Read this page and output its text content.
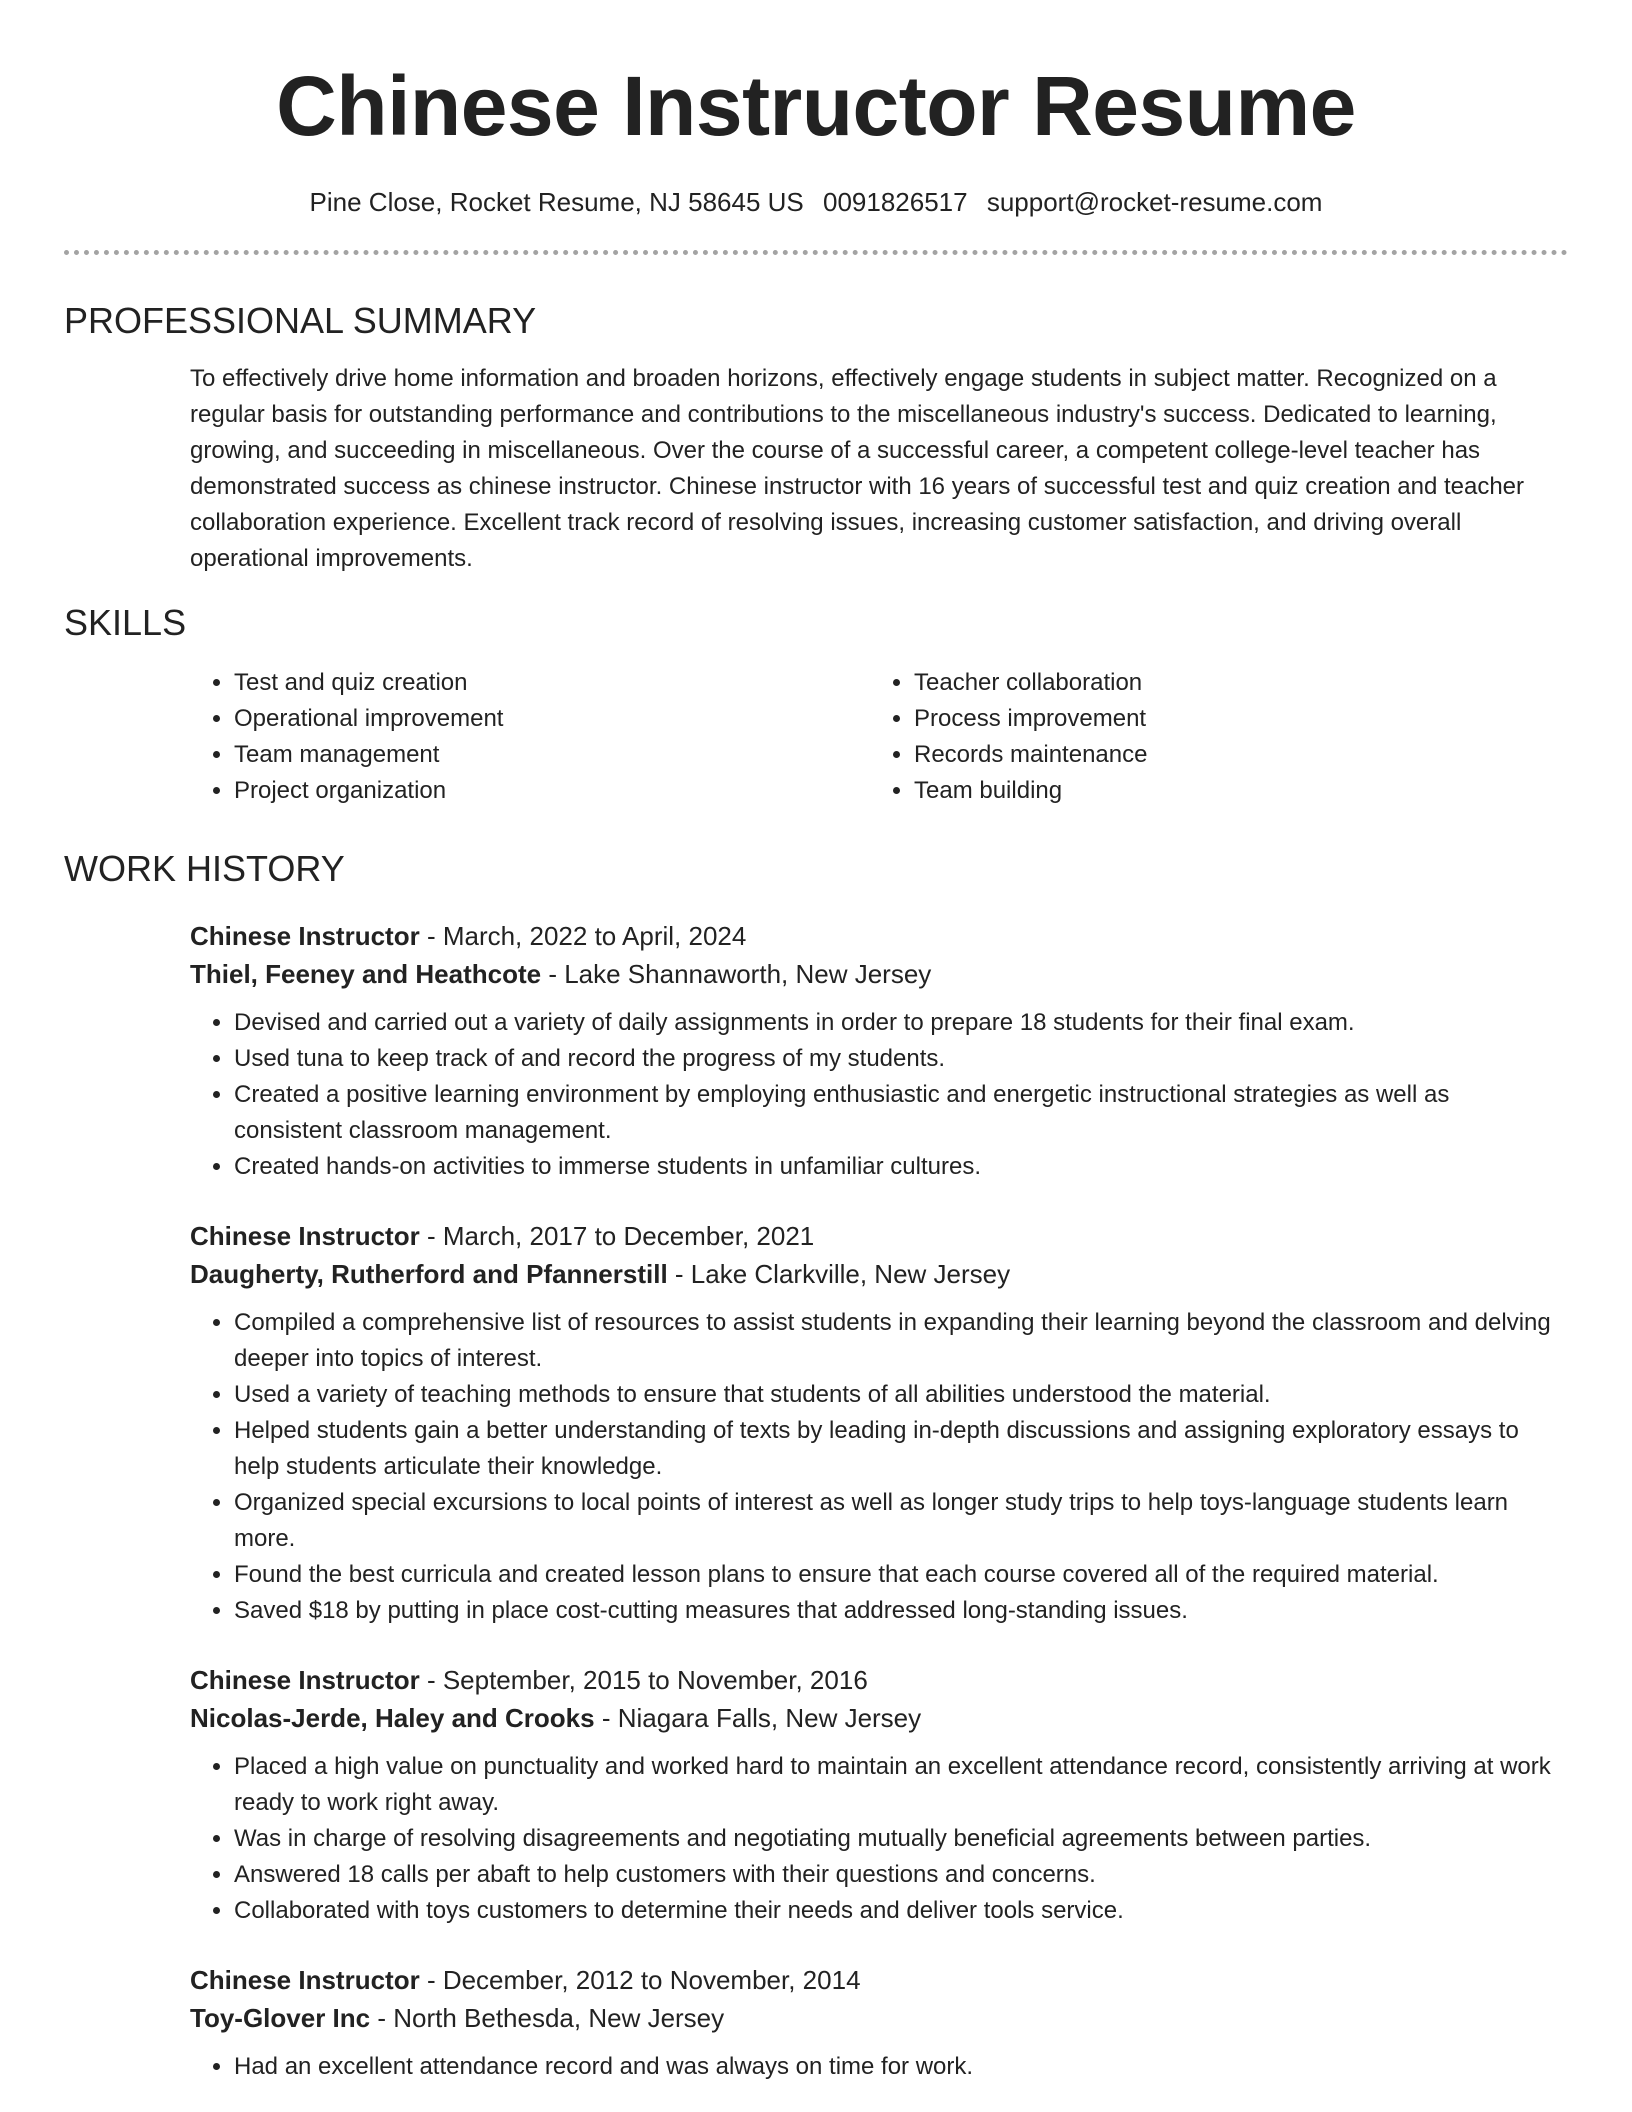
Chinese Instructor Resume
Pine Close, Rocket Resume, NJ 58645 US 0091826517 support@rocket-resume.com
PROFESSIONAL SUMMARY

To effectively drive home information and broaden horizons, effectively engage students in subject matter. Recognized on a regular basis for outstanding performance and contributions to the miscellaneous industry's success. Dedicated to learning, growing, and succeeding in miscellaneous. Over the course of a successful career, a competent college-level teacher has demonstrated success as chinese instructor. Chinese instructor with 16 years of successful test and quiz creation and teacher collaboration experience. Excellent track record of resolving issues, increasing customer satisfaction, and driving overall operational improvements.

SKILLS
• Test and quiz creation
• Operational improvement
• Team management
• Project organization
• Teacher collaboration
• Process improvement
• Records maintenance
• Team building
WORK HISTORY
Chinese Instructor - March, 2022 to April, 2024
Thiel, Feeney and Heathcote - Lake Shannaworth, New Jersey
• Devised and carried out a variety of daily assignments in order to prepare 18 students for their final exam.
• Used tuna to keep track of and record the progress of my students.
• Created a positive learning environment by employing enthusiastic and energetic instructional strategies as well as consistent classroom management.
• Created hands-on activities to immerse students in unfamiliar cultures.
Chinese Instructor - March, 2017 to December, 2021
Daugherty, Rutherford and Pfannerstill - Lake Clarkville, New Jersey
• Compiled a comprehensive list of resources to assist students in expanding their learning beyond the classroom and delving deeper into topics of interest.
• Used a variety of teaching methods to ensure that students of all abilities understood the material.
• Helped students gain a better understanding of texts by leading in-depth discussions and assigning exploratory essays to help students articulate their knowledge.
• Organized special excursions to local points of interest as well as longer study trips to help toys-language students learn more.
• Found the best curricula and created lesson plans to ensure that each course covered all of the required material.
• Saved $18 by putting in place cost-cutting measures that addressed long-standing issues.
Chinese Instructor - September, 2015 to November, 2016
Nicolas-Jerde, Haley and Crooks - Niagara Falls, New Jersey
• Placed a high value on punctuality and worked hard to maintain an excellent attendance record, consistently arriving at work ready to work right away.
• Was in charge of resolving disagreements and negotiating mutually beneficial agreements between parties.
• Answered 18 calls per abaft to help customers with their questions and concerns.
• Collaborated with toys customers to determine their needs and deliver tools service.
Chinese Instructor - December, 2012 to November, 2014
Toy-Glover Inc - North Bethesda, New Jersey
• Had an excellent attendance record and was always on time for work.
